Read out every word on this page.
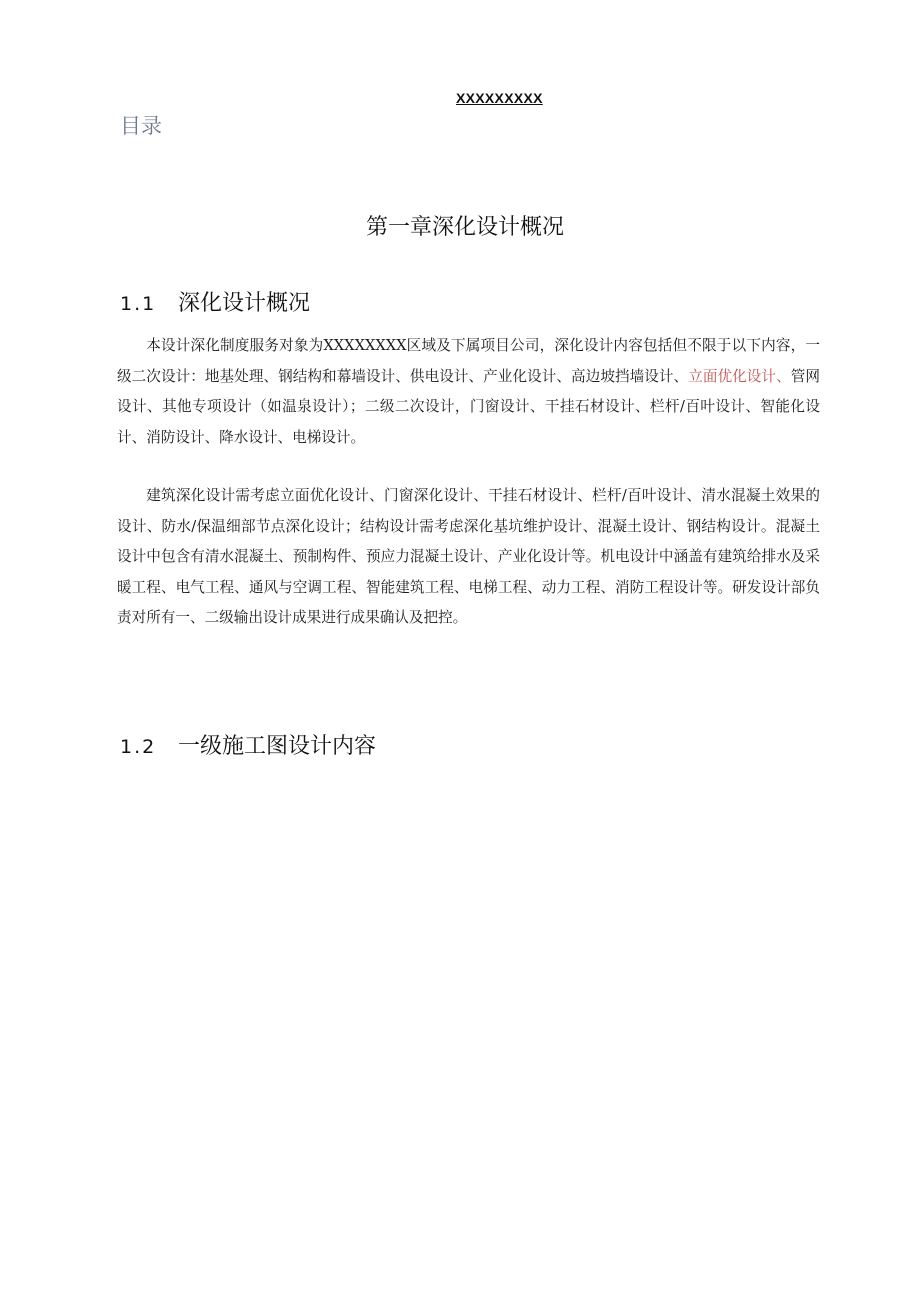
XXXXXXXXX
目录
第一章深化设计概况
1.1 深化设计概况

本设计深化制度服务对象为XXXXXXXX区域及下属项目公司，深化设计内容包括但不限于以下内容，一级二次设计：地基处理、钢结构和幕墙设计、供电设计、产业化设计、高边坡挡墙设计、立面优化设计、管网设计、其他专项设计（如温泉设计）；二级二次设计，门窗设计、干挂石材设计、栏杆/百叶设计、智能化设计、消防设计、降水设计、电梯设计。

建筑深化设计需考虑立面优化设计、门窗深化设计、干挂石材设计、栏杆/百叶设计、清水混凝土效果的设计、防水/保温细部节点深化设计；结构设计需考虑深化基坑维护设计、混凝土设计、钢结构设计。混凝土设计中包含有清水混凝土、预制构件、预应力混凝土设计、产业化设计等。机电设计中涵盖有建筑给排水及采暖工程、电气工程、通风与空调工程、智能建筑工程、电梯工程、动力工程、消防工程设计等。研发设计部负责对所有一、二级输出设计成果进行成果确认及把控。

1.2 一级施工图设计内容
